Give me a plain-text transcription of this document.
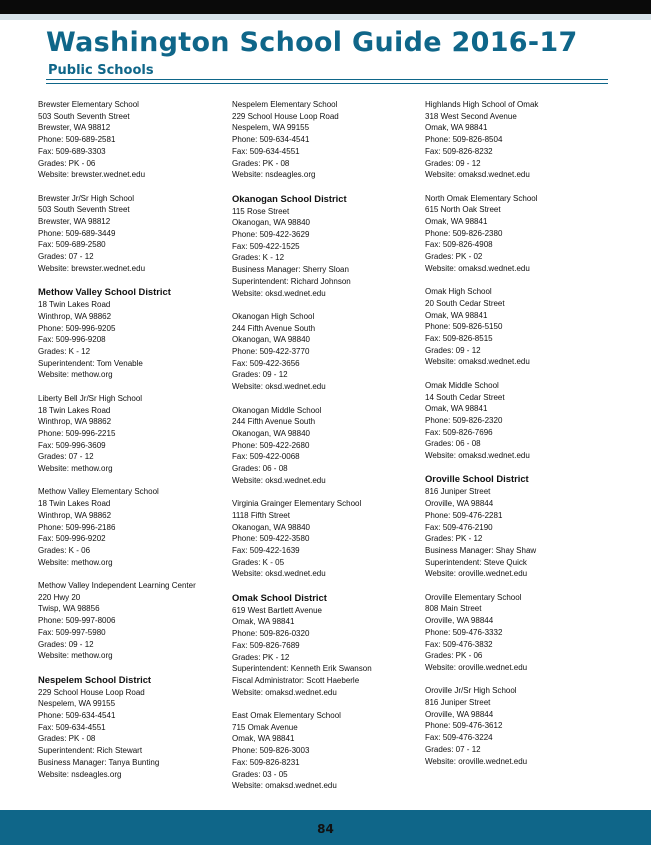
Washington School Guide 2016-17
Public Schools
Brewster Elementary School
503 South Seventh Street
Brewster, WA 98812
Phone: 509-689-2581
Fax: 509-689-3303
Grades: PK - 06
Website: brewster.wednet.edu
Brewster Jr/Sr High School
503 South Seventh Street
Brewster, WA 98812
Phone: 509-689-3449
Fax: 509-689-2580
Grades: 07 - 12
Website: brewster.wednet.edu
Methow Valley School District
18 Twin Lakes Road
Winthrop, WA 98862
Phone: 509-996-9205
Fax: 509-996-9208
Grades: K - 12
Superintendent: Tom Venable
Website: methow.org
Liberty Bell Jr/Sr High School
18 Twin Lakes Road
Winthrop, WA 98862
Phone: 509-996-2215
Fax: 509-996-3609
Grades: 07 - 12
Website: methow.org
Methow Valley Elementary School
18 Twin Lakes Road
Winthrop, WA 98862
Phone: 509-996-2186
Fax: 509-996-9202
Grades: K - 06
Website: methow.org
Methow Valley Independent Learning Center
220 Hwy 20
Twisp, WA 98856
Phone: 509-997-8006
Fax: 509-997-5980
Grades: 09 - 12
Website: methow.org
Nespelem School District
229 School House Loop Road
Nespelem, WA 99155
Phone: 509-634-4541
Fax: 509-634-4551
Grades: PK - 08
Superintendent: Rich Stewart
Business Manager: Tanya Bunting
Website: nsdeagles.org
Nespelem Elementary School
229 School House Loop Road
Nespelem, WA 99155
Phone: 509-634-4541
Fax: 509-634-4551
Grades: PK - 08
Website: nsdeagles.org
Okanogan School District
115 Rose Street
Okanogan, WA 98840
Phone: 509-422-3629
Fax: 509-422-1525
Grades: K - 12
Business Manager: Sherry Sloan
Superintendent: Richard Johnson
Website: oksd.wednet.edu
Okanogan High School
244 Fifth Avenue South
Okanogan, WA 98840
Phone: 509-422-3770
Fax: 509-422-3656
Grades: 09 - 12
Website: oksd.wednet.edu
Okanogan Middle School
244 Fifth Avenue South
Okanogan, WA 98840
Phone: 509-422-2680
Fax: 509-422-0068
Grades: 06 - 08
Website: oksd.wednet.edu
Virginia Grainger Elementary School
1118 Fifth Street
Okanogan, WA 98840
Phone: 509-422-3580
Fax: 509-422-1639
Grades: K - 05
Website: oksd.wednet.edu
Omak School District
619 West Bartlett Avenue
Omak, WA 98841
Phone: 509-826-0320
Fax: 509-826-7689
Grades: PK - 12
Superintendent: Kenneth Erik Swanson
Fiscal Administrator: Scott Haeberle
Website: omaksd.wednet.edu
East Omak Elementary School
715 Omak Avenue
Omak, WA 98841
Phone: 509-826-3003
Fax: 509-826-8231
Grades: 03 - 05
Website: omaksd.wednet.edu
Highlands High School of Omak
318 West Second Avenue
Omak, WA 98841
Phone: 509-826-8504
Fax: 509-826-8232
Grades: 09 - 12
Website: omaksd.wednet.edu
North Omak Elementary School
615 North Oak Street
Omak, WA 98841
Phone: 509-826-2380
Fax: 509-826-4908
Grades: PK - 02
Website: omaksd.wednet.edu
Omak High School
20 South Cedar Street
Omak, WA 98841
Phone: 509-826-5150
Fax: 509-826-8515
Grades: 09 - 12
Website: omaksd.wednet.edu
Omak Middle School
14 South Cedar Street
Omak, WA 98841
Phone: 509-826-2320
Fax: 509-826-7696
Grades: 06 - 08
Website: omaksd.wednet.edu
Oroville School District
816 Juniper Street
Oroville, WA 98844
Phone: 509-476-2281
Fax: 509-476-2190
Grades: PK - 12
Business Manager: Shay Shaw
Superintendent: Steve Quick
Website: oroville.wednet.edu
Oroville Elementary School
808 Main Street
Oroville, WA 98844
Phone: 509-476-3332
Fax: 509-476-3832
Grades: PK - 06
Website: oroville.wednet.edu
Oroville Jr/Sr High School
816 Juniper Street
Oroville, WA 98844
Phone: 509-476-3612
Fax: 509-476-3224
Grades: 07 - 12
Website: oroville.wednet.edu
84
